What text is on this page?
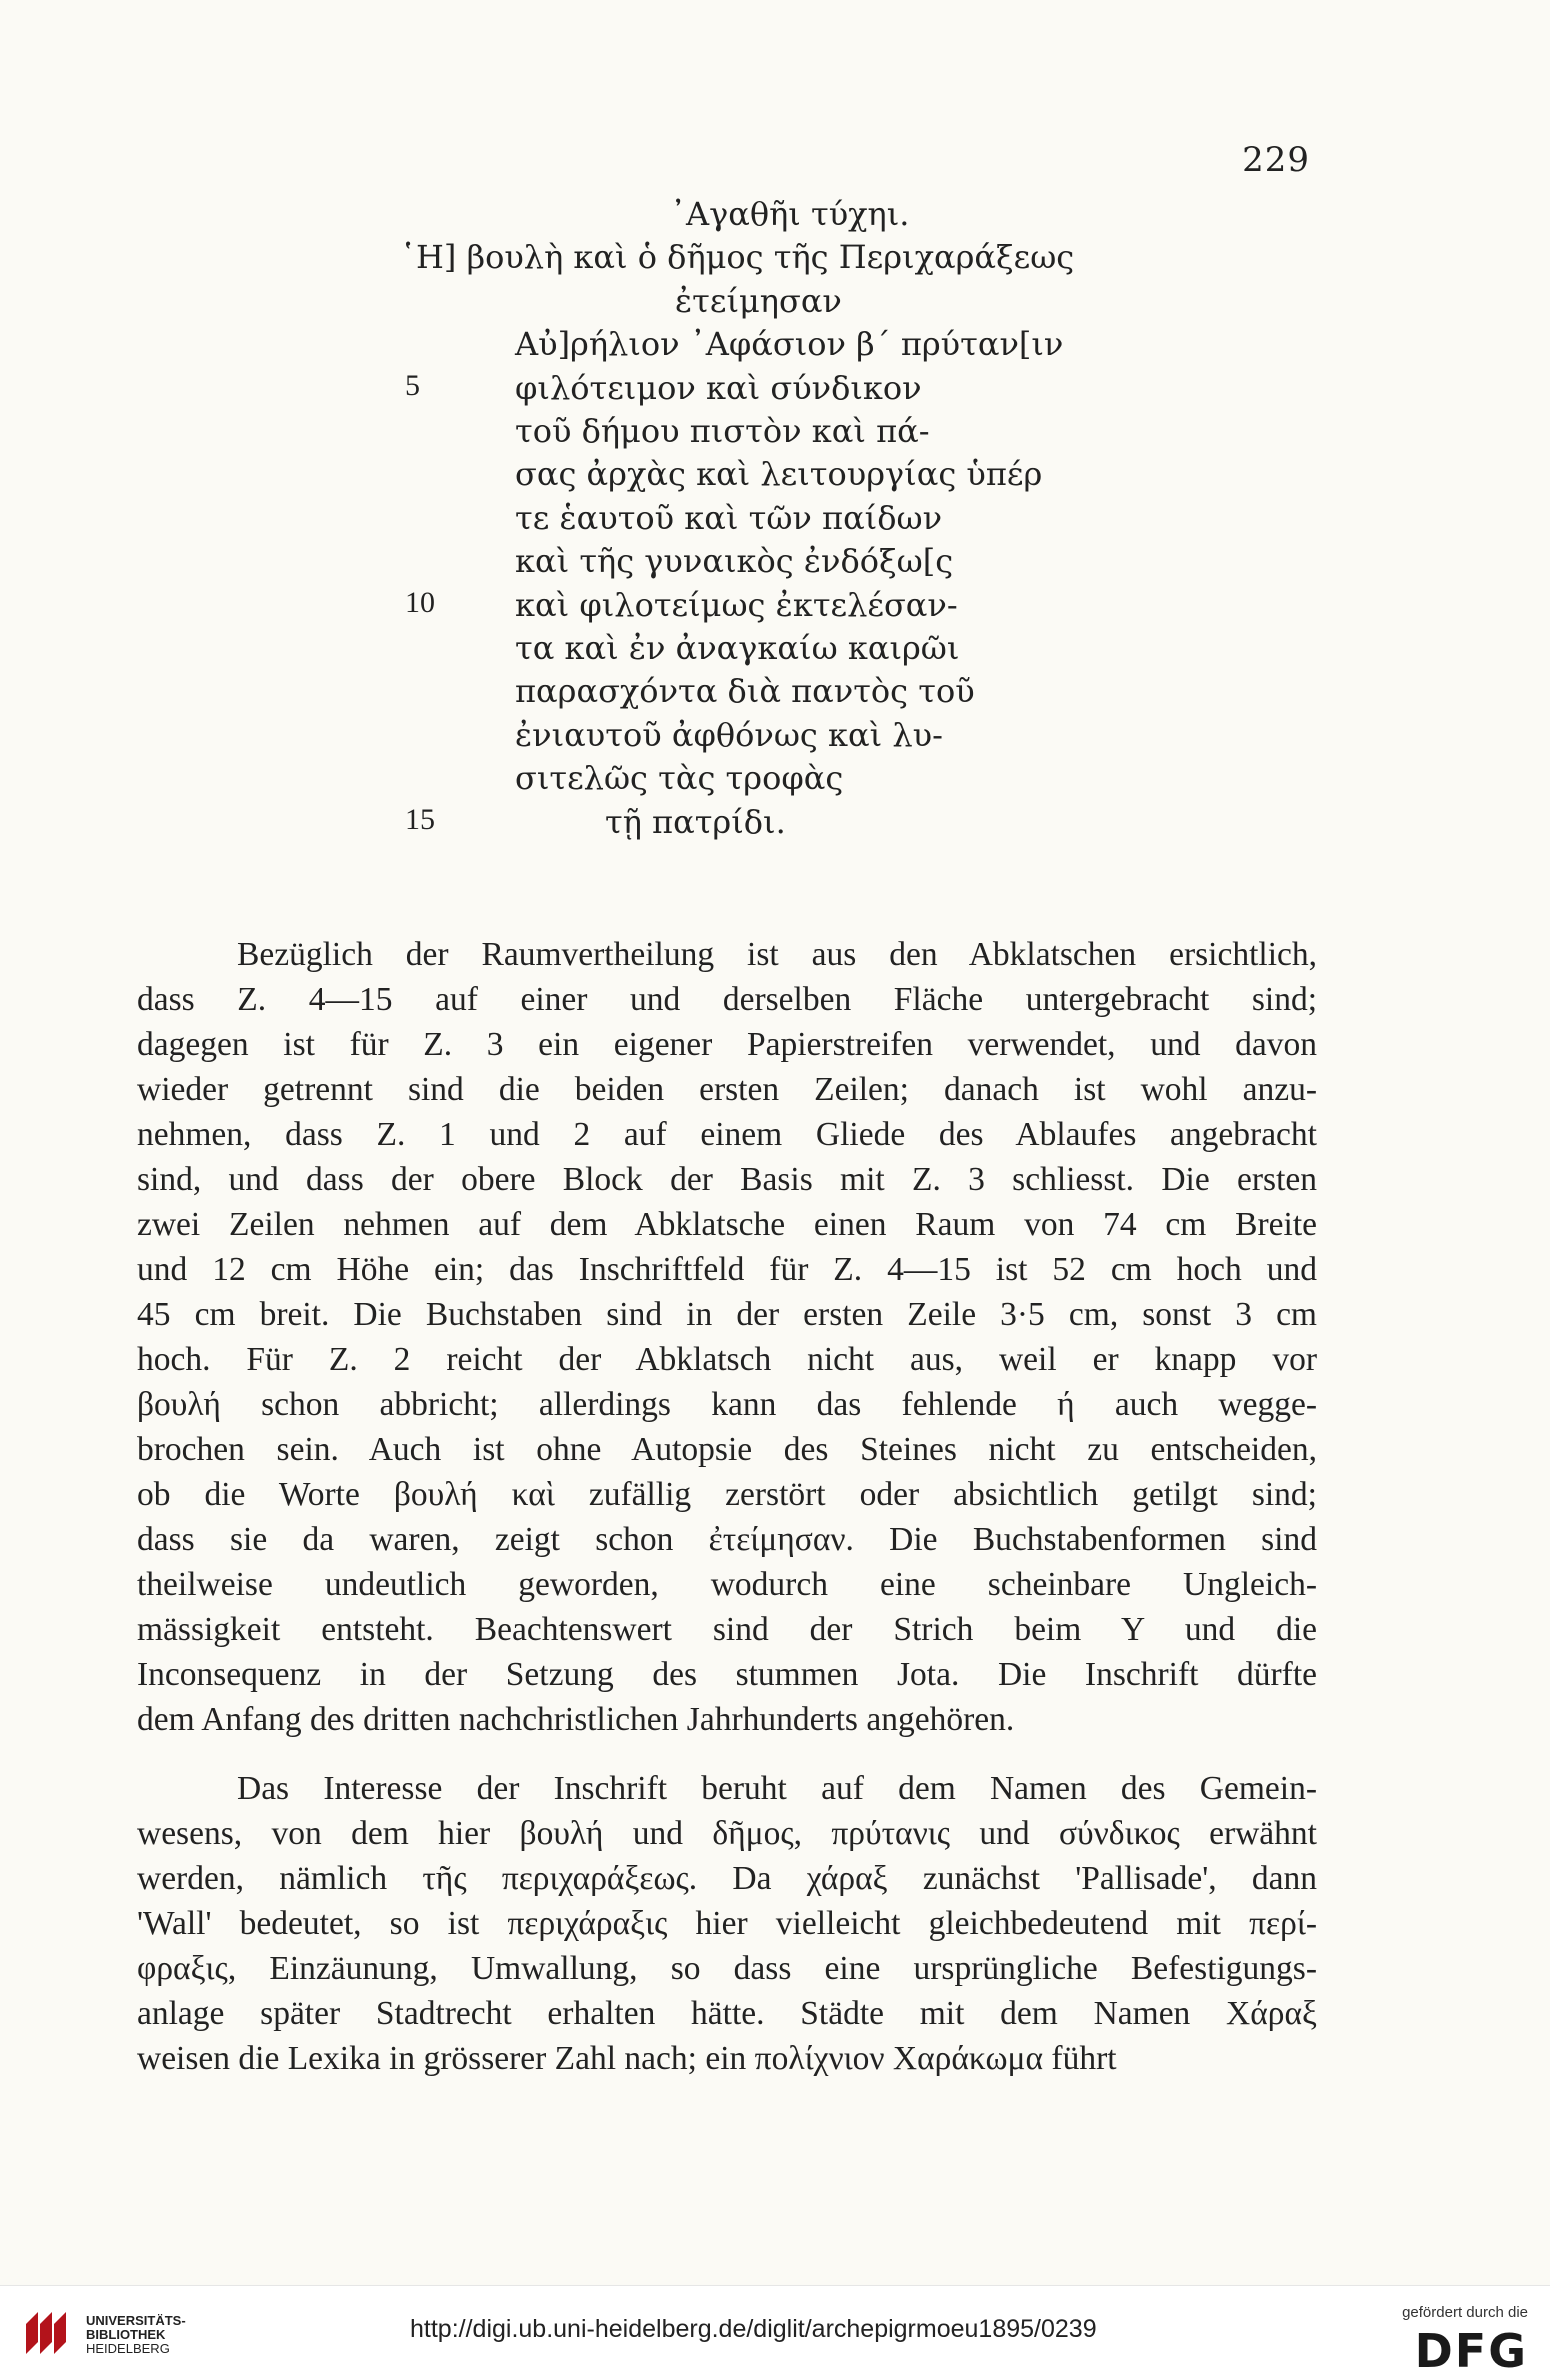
229
᾿Αγαθῆι τύχηι.
῾Η] βουλὴ καὶ ὁ δῆμος τῆς Περιχαράξεως
ἐτείμησαν
Αὐ]ρήλιον ᾿Αφάσιον β΄ πρύταν[ιν
5	φιλότειμον καὶ σύνδικον
τοῦ δήμου πιστὸν καὶ πά-
σας ἀρχὰς καὶ λειτουργίας ὑπέρ
τε ἑαυτοῦ καὶ τῶν παίδων
καὶ τῆς γυναικὸς ἐνδόξω[ς
10	καὶ φιλοτείμως ἐκτελέσαν-
τα καὶ ἐν ἀναγκαίω καιρῶι
παρασχόντα διὰ παντὸς τοῦ
ἐνιαυτοῦ ἀφθόνως καὶ λυ-
σιτελῶς τὰς τροφὰς
15	τῇ πατρίδι.
Bezüglich der Raumvertheilung ist aus den Abklatschen ersichtlich,
dass Z. 4—15 auf einer und derselben Fläche untergebracht sind;
dagegen ist für Z. 3 ein eigener Papierstreifen verwendet, und davon
wieder getrennt sind die beiden ersten Zeilen; danach ist wohl anzu-
nehmen, dass Z. 1 und 2 auf einem Gliede des Ablaufes angebracht
sind, und dass der obere Block der Basis mit Z. 3 schliesst. Die ersten
zwei Zeilen nehmen auf dem Abklatsche einen Raum von 74 cm Breite
und 12 cm Höhe ein; das Inschriftfeld für Z. 4—15 ist 52 cm hoch und
45 cm breit. Die Buchstaben sind in der ersten Zeile 3·5 cm, sonst 3 cm
hoch. Für Z. 2 reicht der Abklatsch nicht aus, weil er knapp vor
βουλή schon abbricht; allerdings kann das fehlende ή auch wegge-
brochen sein. Auch ist ohne Autopsie des Steines nicht zu entscheiden,
ob die Worte βουλή καὶ zufällig zerstört oder absichtlich getilgt sind;
dass sie da waren, zeigt schon ἐτείμησαν. Die Buchstabenformen sind
theilweise undeutlich geworden, wodurch eine scheinbare Ungleich-
mässigkeit entsteht. Beachtenswert sind der Strich beim Y und die
Inconsequenz in der Setzung des stummen Jota. Die Inschrift dürfte
dem Anfang des dritten nachchristlichen Jahrhunderts angehören.
Das Interesse der Inschrift beruht auf dem Namen des Gemein-
wesens, von dem hier βουλή und δῆμος, πρύτανις und σύνδικος erwähnt
werden, nämlich τῆς περιχαράξεως. Da χάραξ zunächst 'Pallisade', dann
'Wall' bedeutet, so ist περιχάραξις hier vielleicht gleichbedeutend mit περί-
φραξις, Einzäunung, Umwallung, so dass eine ursprüngliche Befestigungs-
anlage später Stadtrecht erhalten hätte. Städte mit dem Namen Χάραξ
weisen die Lexika in grösserer Zahl nach; ein πολίχνιον Χαράκωμα führt
UNIVERSITÄTS-
BIBLIOTHEK
HEIDELBERG
http://digi.ub.uni-heidelberg.de/diglit/archepigrmoeu1895/0239
gefördert durch die
DFG
